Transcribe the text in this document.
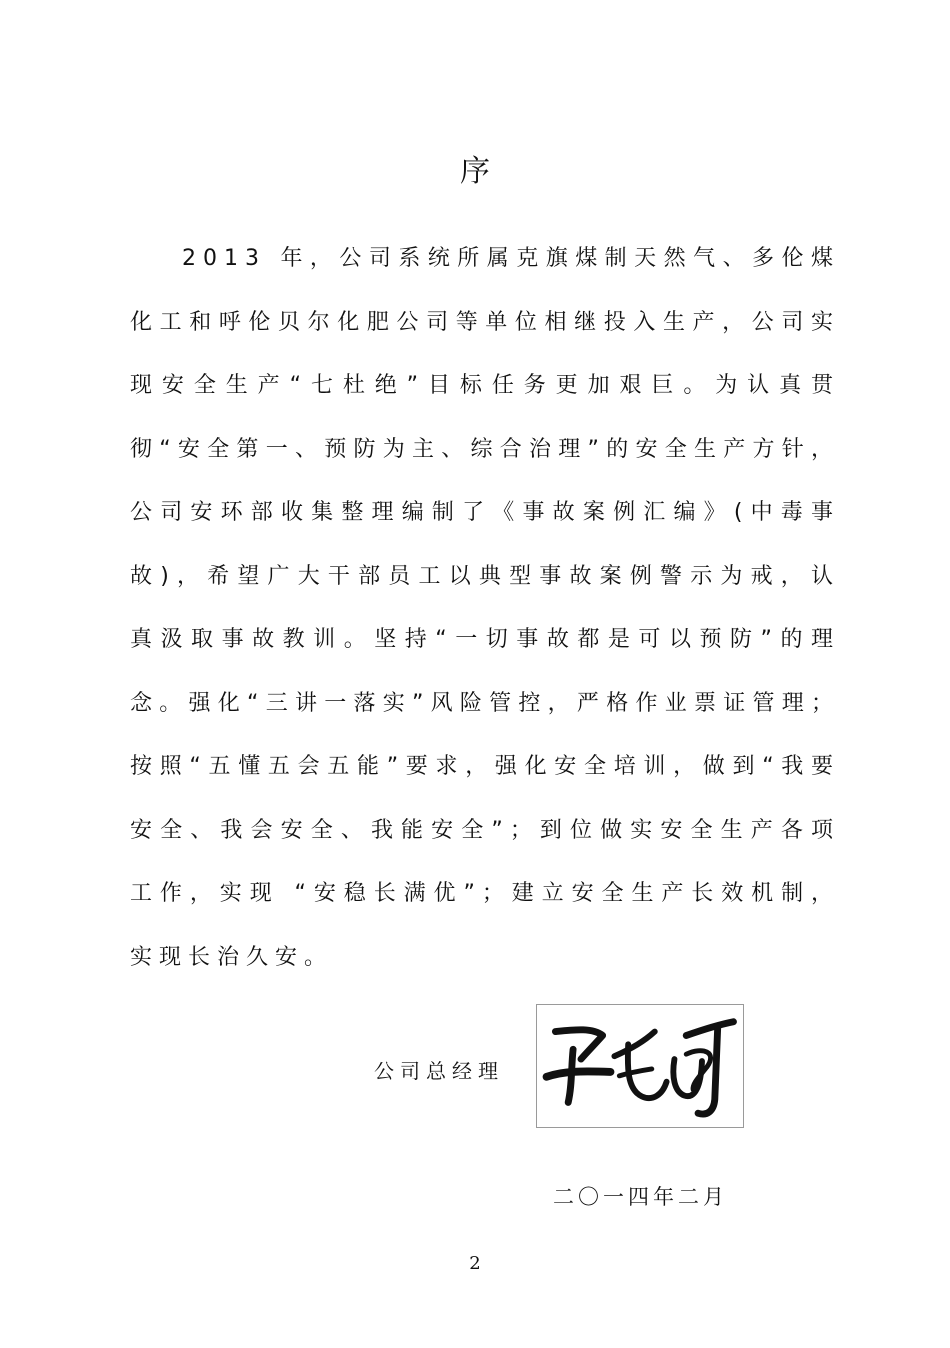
序
2013 年，公司系统所属克旗煤制天然气、多伦煤化工和呼伦贝尔化肥公司等单位相继投入生产，公司实现安全生产“七杜绝”目标任务更加艰巨。为认真贯彻“安全第一、预防为主、综合治理”的安全生产方针，公司安环部收集整理编制了《事故案例汇编》(中毒事故)，希望广大干部员工以典型事故案例警示为戒，认真汲取事故教训。坚持“一切事故都是可以预防”的理念。强化“三讲一落实”风险管控，严格作业票证管理；按照“五懂五会五能”要求，强化安全培训，做到“我要安全、我会安全、我能安全”；到位做实安全生产各项工作，实现 “安稳长满优”；建立安全生产长效机制，实现长治久安。
公司总经理
二〇一四年二月
2
